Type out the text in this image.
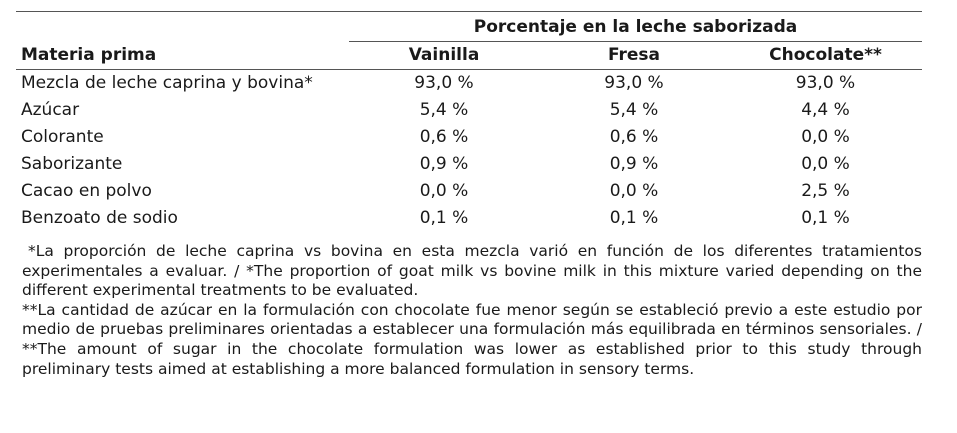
	Porcentaje en la leche saborizada		
Materia prima	Vainilla	Fresa	Chocolate**
Mezcla de leche caprina y bovina*	93,0 %	93,0 %	93,0 %
Azúcar	5,4 %	5,4 %	4,4 %
Colorante	0,6 %	0,6 %	0,0 %
Saborizante	0,9 %	0,9 %	0,0 %
Cacao en polvo	0,0 %	0,0 %	2,5 %
Benzoato de sodio	0,1 %	0,1 %	0,1 %

*La proporción de leche caprina vs bovina en esta mezcla varió en función de los diferentes tratamientos experimentales a evaluar. / *The proportion of goat milk vs bovine milk in this mixture varied depending on the different experimental treatments to be evaluated.

**La cantidad de azúcar en la formulación con chocolate fue menor según se estableció previo a este estudio por medio de pruebas preliminares orientadas a establecer una formulación más equilibrada en términos sensoriales. / **The amount of sugar in the chocolate formulation was lower as established prior to this study through preliminary tests aimed at establishing a more balanced formulation in sensory terms.
